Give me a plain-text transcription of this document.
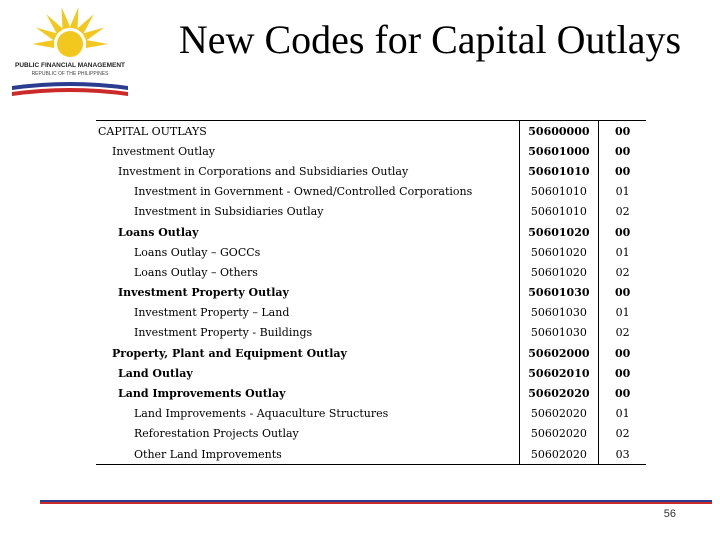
PUBLIC FINANCIAL MANAGEMENT
REPUBLIC OF THE PHILIPPINES
New Codes for Capital Outlays
CAPITAL OUTLAYS	50600000	00
Investment Outlay	50601000	00
Investment in Corporations and Subsidiaries Outlay	50601010	00
Investment in Government - Owned/Controlled Corporations	50601010	01
Investment in Subsidiaries Outlay	50601010	02
Loans Outlay	50601020	00
Loans Outlay – GOCCs	50601020	01
Loans Outlay – Others	50601020	02
Investment Property Outlay	50601030	00
Investment Property – Land	50601030	01
Investment Property - Buildings	50601030	02
Property, Plant and Equipment Outlay	50602000	00
Land Outlay	50602010	00
Land Improvements Outlay	50602020	00
Land Improvements - Aquaculture Structures	50602020	01
Reforestation Projects Outlay	50602020	02
Other Land Improvements	50602020	03
56
